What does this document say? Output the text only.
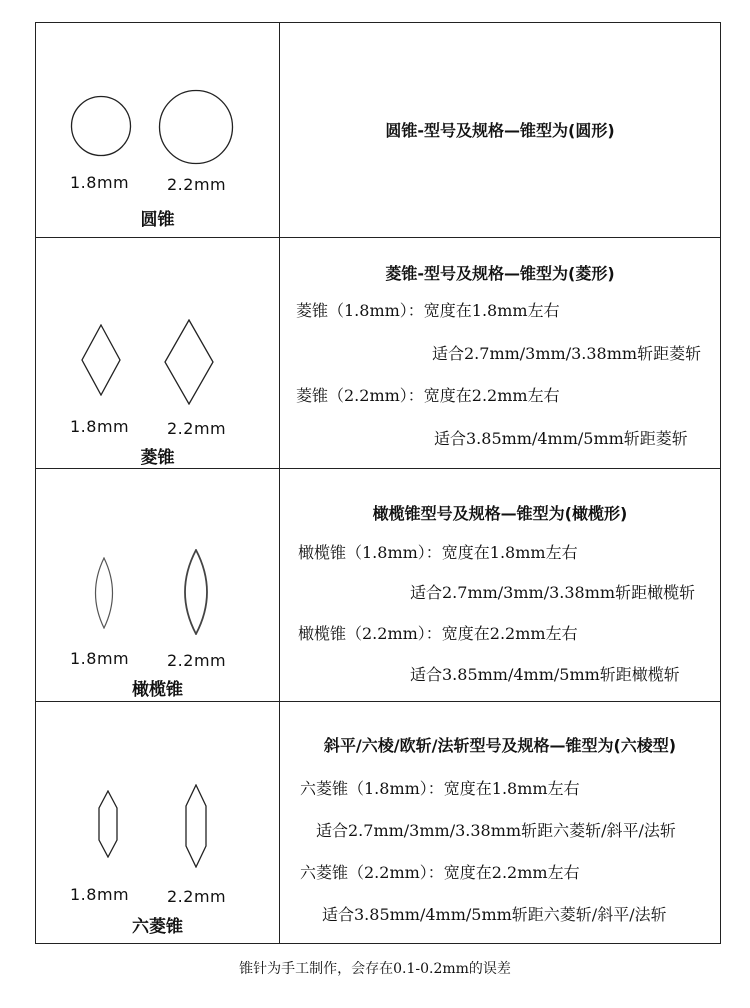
1.8mm 2.2mm
圆锥
圆锥-型号及规格—锥型为(圆形)
1.8mm 2.2mm
菱锥
菱锥-型号及规格—锥型为(菱形)
菱锥（1.8mm）：宽度在1.8mm左右
适合2.7mm/3mm/3.38mm斩距菱斩
菱锥（2.2mm）：宽度在2.2mm左右
适合3.85mm/4mm/5mm斩距菱斩
1.8mm 2.2mm
橄榄锥
橄榄锥型号及规格—锥型为(橄榄形)
橄榄锥（1.8mm）：宽度在1.8mm左右
适合2.7mm/3mm/3.38mm斩距橄榄斩
橄榄锥（2.2mm）：宽度在2.2mm左右
适合3.85mm/4mm/5mm斩距橄榄斩
1.8mm 2.2mm
六菱锥
斜平/六棱/欧斩/法斩型号及规格—锥型为(六棱型)
六菱锥（1.8mm）：宽度在1.8mm左右
适合2.7mm/3mm/3.38mm斩距六菱斩/斜平/法斩
六菱锥（2.2mm）：宽度在2.2mm左右
适合3.85mm/4mm/5mm斩距六菱斩/斜平/法斩
锥针为手工制作，会存在0.1-0.2mm的误差
